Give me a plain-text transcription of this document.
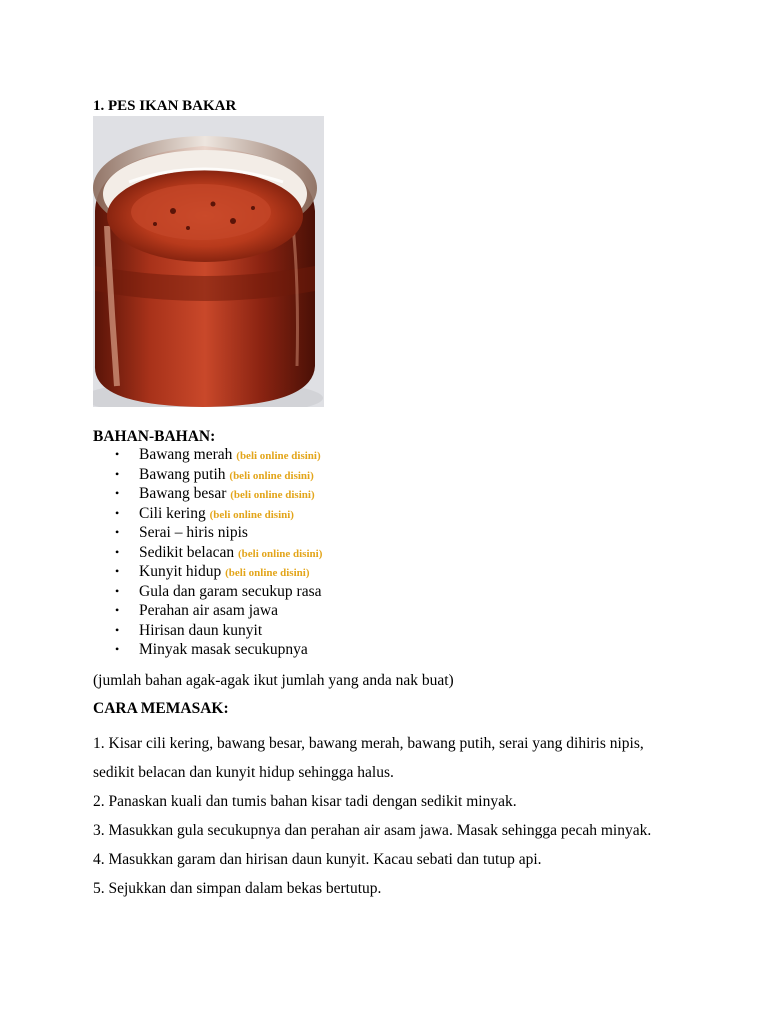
1. PES IKAN BAKAR
BAHAN-BAHAN:
• Bawang merah (beli online disini)
• Bawang putih (beli online disini)
• Bawang besar (beli online disini)
• Cili kering (beli online disini)
• Serai – hiris nipis
• Sedikit belacan (beli online disini)
• Kunyit hidup (beli online disini)
• Gula dan garam secukup rasa
• Perahan air asam jawa
• Hirisan daun kunyit
• Minyak masak secukupnya
(jumlah bahan agak-agak ikut jumlah yang anda nak buat)
CARA MEMASAK:
1. Kisar cili kering, bawang besar, bawang merah, bawang putih, serai yang dihiris nipis, sedikit belacan dan kunyit hidup sehingga halus.
2. Panaskan kuali dan tumis bahan kisar tadi dengan sedikit minyak.
3. Masukkan gula secukupnya dan perahan air asam jawa. Masak sehingga pecah minyak.
4. Masukkan garam dan hirisan daun kunyit. Kacau sebati dan tutup api.
5. Sejukkan dan simpan dalam bekas bertutup.
